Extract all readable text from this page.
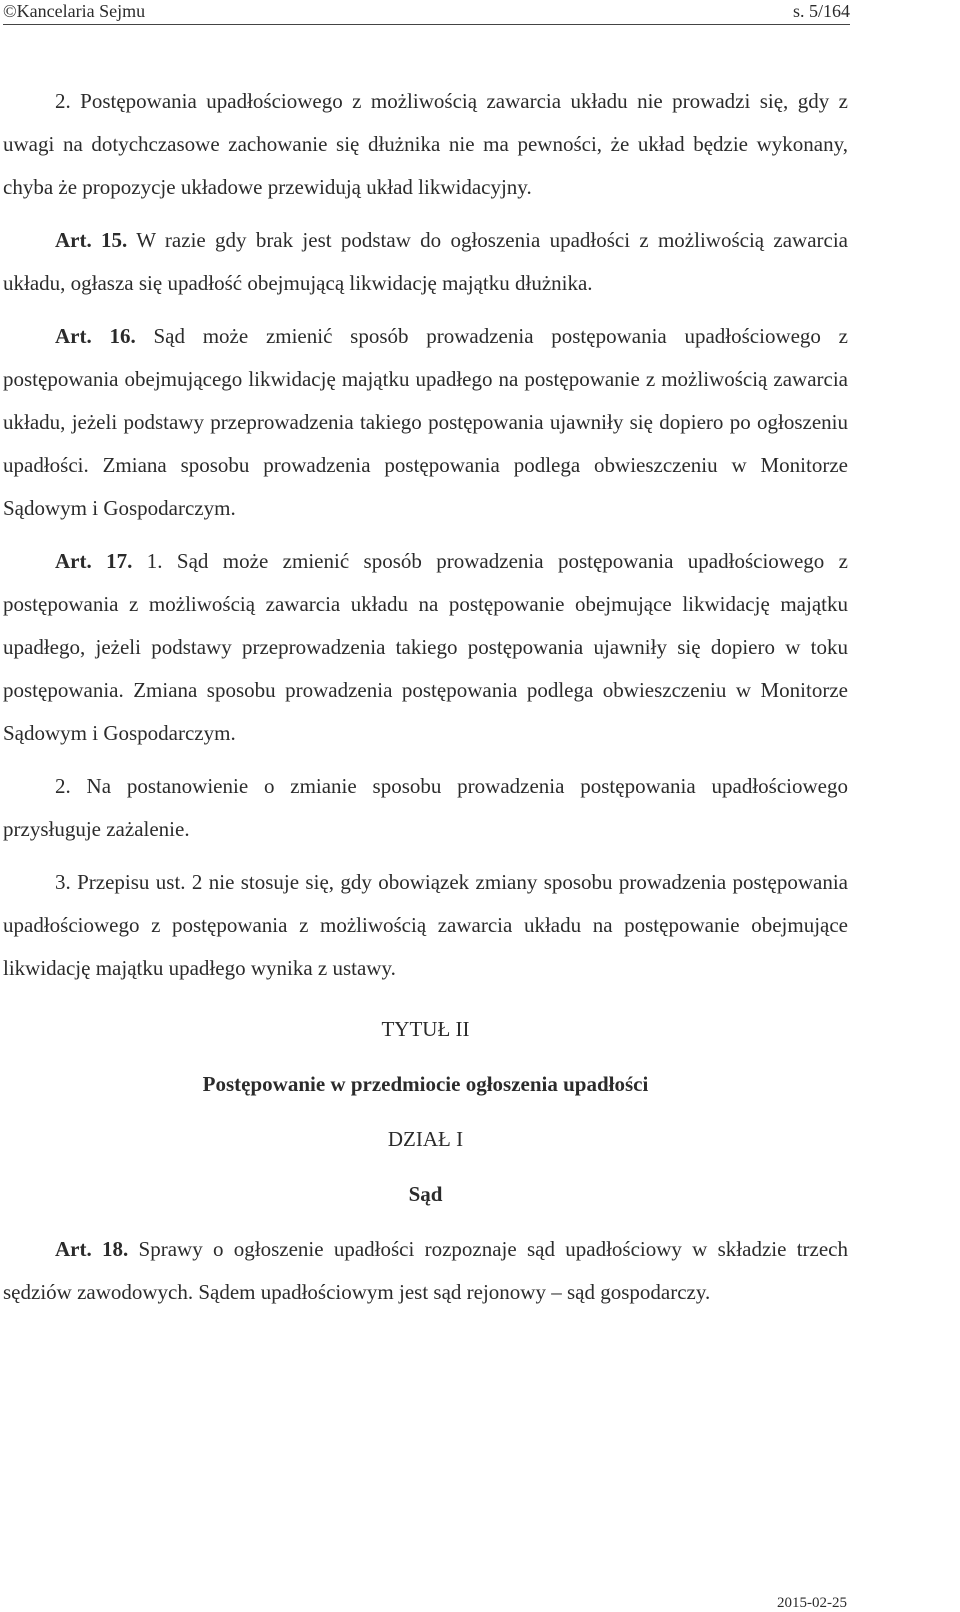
©Kancelaria Sejmu	s. 5/164

2. Postępowania upadłościowego z możliwością zawarcia układu nie prowadzi się, gdy z uwagi na dotychczasowe zachowanie się dłużnika nie ma pewności, że układ będzie wykonany, chyba że propozycje układowe przewidują układ likwidacyjny.

Art. 15. W razie gdy brak jest podstaw do ogłoszenia upadłości z możliwością zawarcia układu, ogłasza się upadłość obejmującą likwidację majątku dłużnika.

Art. 16. Sąd może zmienić sposób prowadzenia postępowania upadłościowego z postępowania obejmującego likwidację majątku upadłego na postępowanie z możliwością zawarcia układu, jeżeli podstawy przeprowadzenia takiego postępowania ujawniły się dopiero po ogłoszeniu upadłości. Zmiana sposobu prowadzenia postępowania podlega obwieszczeniu w Monitorze Sądowym i Gospodarczym.

Art. 17. 1. Sąd może zmienić sposób prowadzenia postępowania upadłościowego z postępowania z możliwością zawarcia układu na postępowanie obejmujące likwidację majątku upadłego, jeżeli podstawy przeprowadzenia takiego postępowania ujawniły się dopiero w toku postępowania. Zmiana sposobu prowadzenia postępowania podlega obwieszczeniu w Monitorze Sądowym i Gospodarczym.

2. Na postanowienie o zmianie sposobu prowadzenia postępowania upadłościowego przysługuje zażalenie.

3. Przepisu ust. 2 nie stosuje się, gdy obowiązek zmiany sposobu prowadzenia postępowania upadłościowego z postępowania z możliwością zawarcia układu na postępowanie obejmujące likwidację majątku upadłego wynika z ustawy.

TYTUŁ II

Postępowanie w przedmiocie ogłoszenia upadłości

DZIAŁ I

Sąd

Art. 18. Sprawy o ogłoszenie upadłości rozpoznaje sąd upadłościowy w składzie trzech sędziów zawodowych. Sądem upadłościowym jest sąd rejonowy – sąd gospodarczy.

2015-02-25
